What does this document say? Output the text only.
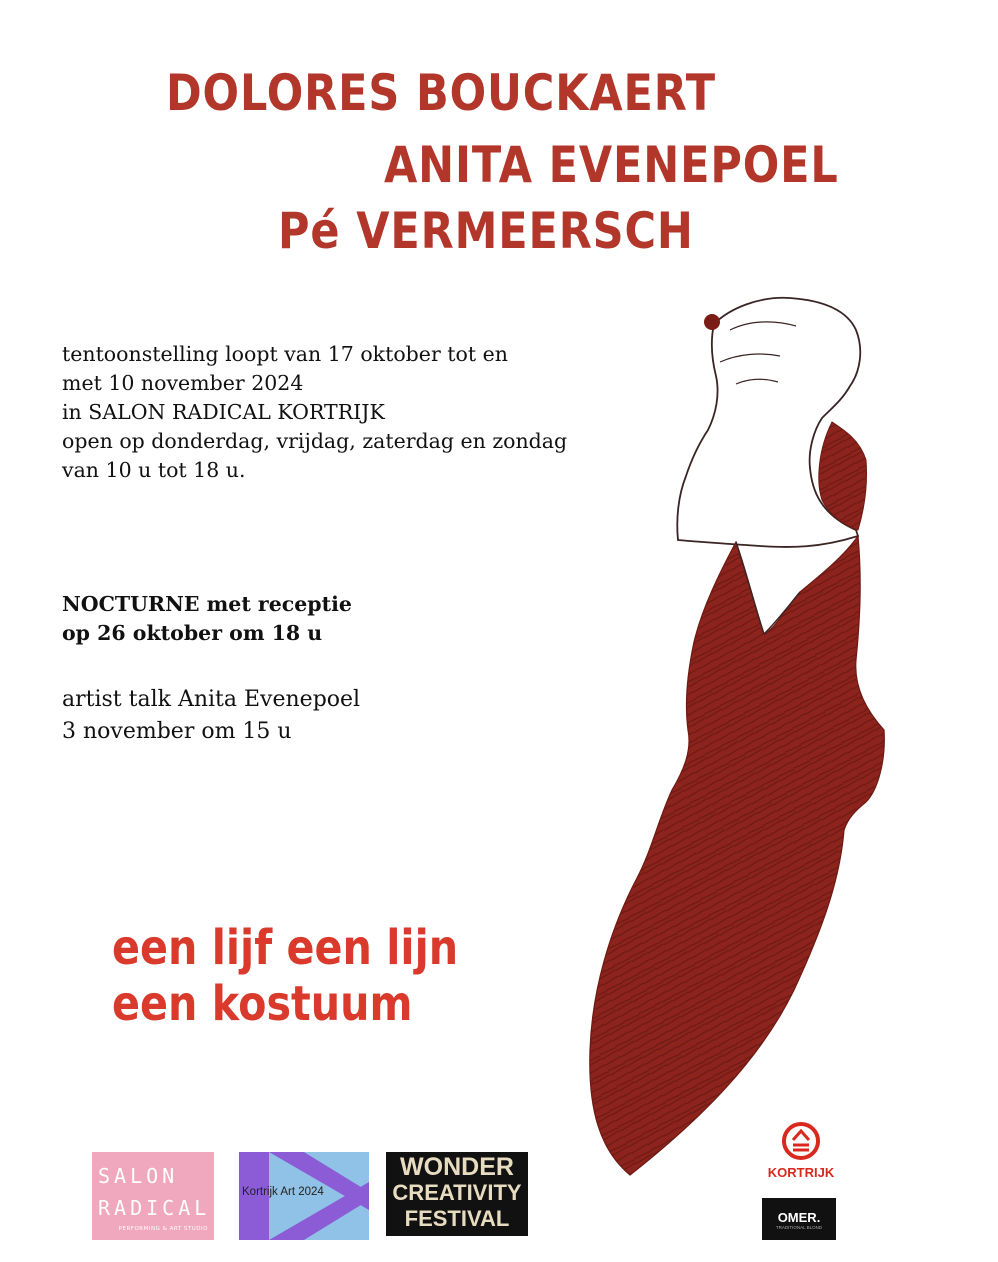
DOLORES BOUCKAERT
ANITA EVENEPOEL
Pé VERMEERSCH
tentoonstelling loopt van 17 oktober tot en
met 10 november 2024
in SALON RADICAL KORTRIJK
open op donderdag, vrijdag, zaterdag en zondag
van 10 u tot 18 u.
NOCTURNE met receptie
op 26 oktober om 18 u
artist talk Anita Evenepoel
3 november om 15 u
een lijf een lijn
een kostuum
SALON
RADICAL
PERFORMING & ART STUDIO
Kortrijk Art 2024
WONDER
CREATIVITY
FESTIVAL
KORTRIJK
OMER.
TRADITIONAL BLOND
